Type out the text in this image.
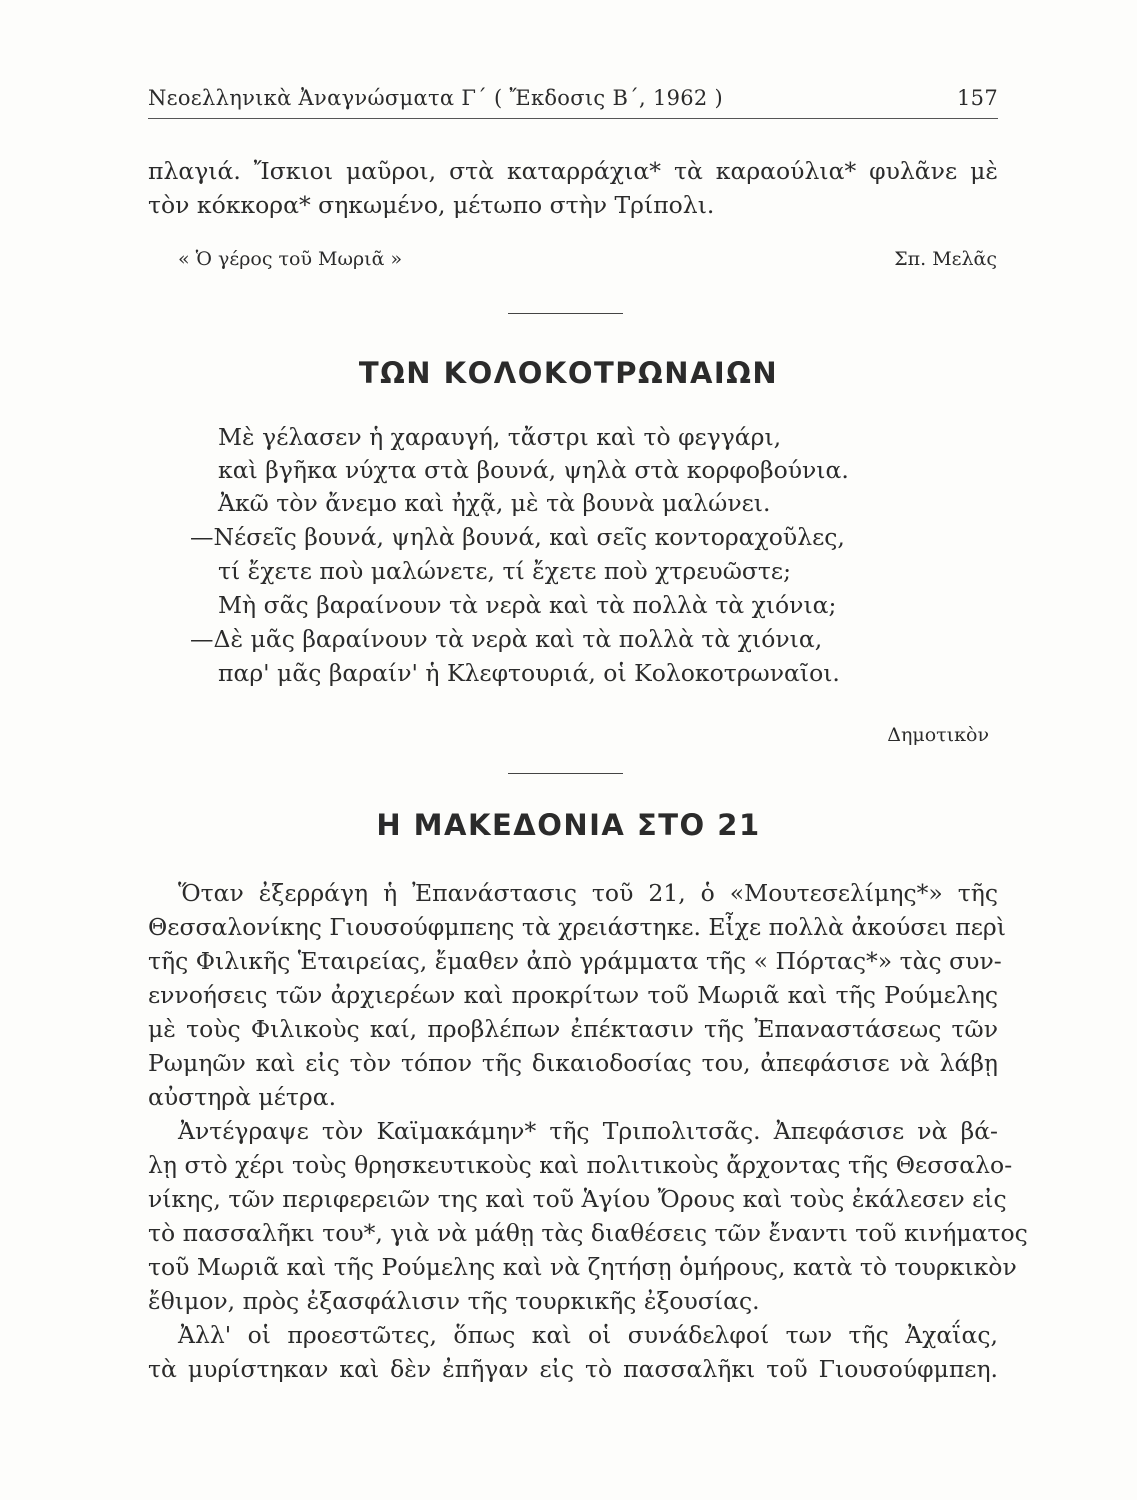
Νεοελληνικὰ Ἀναγνώσματα Γ΄ ( Ἔκδοσις Β΄, 1962 )	157
πλαγιά. Ἴσκιοι μαῦροι, στὰ καταρράχια* τὰ καραούλια* φυλᾶνε μὲ
τὸν κόκκορα* σηκωμένο, μέτωπο στὴν Τρίπολι.
« Ὁ γέρος τοῦ Μωριᾶ »	Σπ. Μελᾶς
ΤΩΝ ΚΟΛΟΚΟΤΡΩΝΑΙΩΝ
Μὲ γέλασεν ἡ χαραυγή, τἄστρι καὶ τὸ φεγγάρι,
καὶ βγῆκα νύχτα στὰ βουνά, ψηλὰ στὰ κορφοβούνια.
Ἀκῶ τὸν ἄνεμο καὶ ἠχᾷ, μὲ τὰ βουνὰ μαλώνει.
—Νέσεῖς βουνά, ψηλὰ βουνά, καὶ σεῖς κοντοραχοῦλες,
τί ἔχετε ποὺ μαλώνετε, τί ἔχετε ποὺ χτρευῶστε;
Μὴ σᾶς βαραίνουν τὰ νερὰ καὶ τὰ πολλὰ τὰ χιόνια;
—Δὲ μᾶς βαραίνουν τὰ νερὰ καὶ τὰ πολλὰ τὰ χιόνια,
παρ' μᾶς βαραίν' ἡ Κλεφτουριά, οἱ Κολοκοτρωναῖοι.
Δημοτικὸν
Η ΜΑΚΕΔΟΝΙΑ ΣΤΟ 21
Ὅταν ἐξερράγη ἡ Ἐπανάστασις τοῦ 21, ὁ «Μουτεσελίμης*» τῆς
Θεσσαλονίκης Γιουσούφμπεης τὰ χρειάστηκε. Εἶχε πολλὰ ἀκούσει περὶ
τῆς Φιλικῆς Ἑταιρείας, ἔμαθεν ἀπὸ γράμματα τῆς « Πόρτας*» τὰς συν-
εννοήσεις τῶν ἀρχιερέων καὶ προκρίτων τοῦ Μωριᾶ καὶ τῆς Ρούμελης
μὲ τοὺς Φιλικοὺς καί, προβλέπων ἐπέκτασιν τῆς Ἐπαναστάσεως τῶν
Ρωμηῶν καὶ εἰς τὸν τόπον τῆς δικαιοδοσίας του, ἀπεφάσισε νὰ λάβῃ
αὐστηρὰ μέτρα.
Ἀντέγραψε τὸν Καϊμακάμην* τῆς Τριπολιτσᾶς. Ἀπεφάσισε νὰ βά-
λῃ στὸ χέρι τοὺς θρησκευτικοὺς καὶ πολιτικοὺς ἄρχοντας τῆς Θεσσαλο-
νίκης, τῶν περιφερειῶν της καὶ τοῦ Ἁγίου Ὄρους καὶ τοὺς ἐκάλεσεν εἰς
τὸ πασσαλῆκι του*, γιὰ νὰ μάθῃ τὰς διαθέσεις τῶν ἔναντι τοῦ κινήματος
τοῦ Μωριᾶ καὶ τῆς Ρούμελης καὶ νὰ ζητήσῃ ὁμήρους, κατὰ τὸ τουρκικὸν
ἔθιμον, πρὸς ἐξασφάλισιν τῆς τουρκικῆς ἐξουσίας.
Ἀλλ' οἱ προεστῶτες, ὅπως καὶ οἱ συνάδελφοί των τῆς Ἀχαΐας,
τὰ μυρίστηκαν καὶ δὲν ἐπῆγαν εἰς τὸ πασσαλῆκι τοῦ Γιουσούφμπεη.
